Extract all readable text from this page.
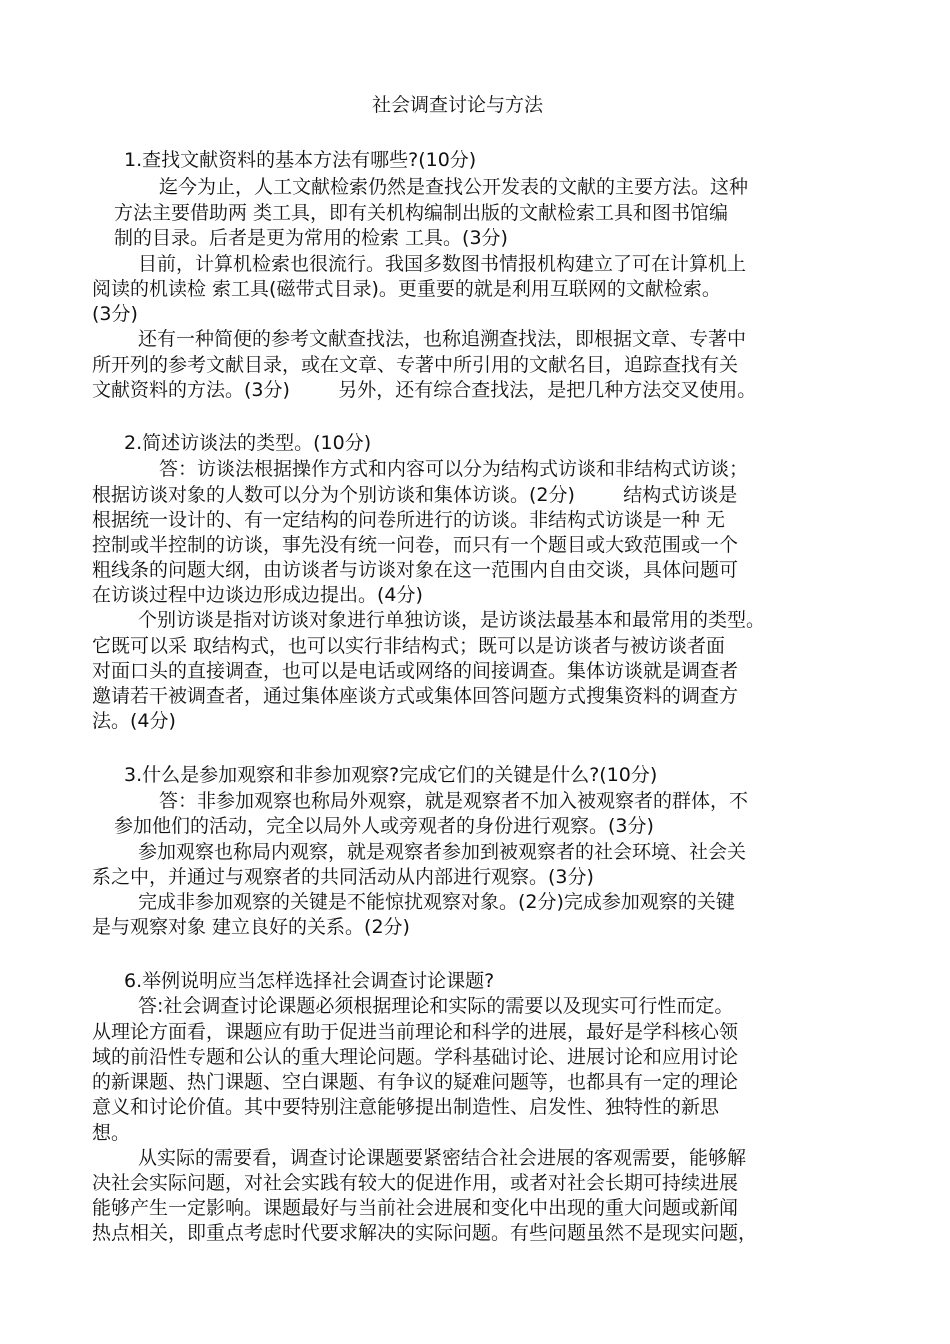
社会调查讨论与方法
1.查找文献资料的基本方法有哪些?(10分)
迄今为止，人工文献检索仍然是查找公开发表的文献的主要方法。这种
方法主要借助两 类工具，即有关机构编制出版的文献检索工具和图书馆编
制的目录。后者是更为常用的检索 工具。(3分)
目前，计算机检索也很流行。我国多数图书情报机构建立了可在计算机上
阅读的机读检 索工具(磁带式目录)。更重要的就是利用互联网的文献检索。
(3分)
还有一种简便的参考文献查找法，也称追溯查找法，即根据文章、专著中
所开列的参考文献目录，或在文章、专著中所引用的文献名目，追踪查找有关
文献资料的方法。(3分)        另外，还有综合查找法，是把几种方法交叉使用。
2.简述访谈法的类型。(10分)
答：访谈法根据操作方式和内容可以分为结构式访谈和非结构式访谈；
根据访谈对象的人数可以分为个别访谈和集体访谈。(2分)        结构式访谈是
根据统一设计的、有一定结构的问卷所进行的访谈。非结构式访谈是一种 无
控制或半控制的访谈，事先没有统一问卷，而只有一个题目或大致范围或一个
粗线条的问题大纲，由访谈者与访谈对象在这一范围内自由交谈，具体问题可
在访谈过程中边谈边形成边提出。(4分)
个别访谈是指对访谈对象进行单独访谈，是访谈法最基本和最常用的类型。
它既可以采 取结构式，也可以实行非结构式；既可以是访谈者与被访谈者面
对面口头的直接调查，也可以是电话或网络的间接调查。集体访谈就是调查者
邀请若干被调查者，通过集体座谈方式或集体回答问题方式搜集资料的调查方
法。(4分)
3.什么是参加观察和非参加观察?完成它们的关键是什么?(10分)
答：非参加观察也称局外观察，就是观察者不加入被观察者的群体，不
参加他们的活动，完全以局外人或旁观者的身份进行观察。(3分)
参加观察也称局内观察，就是观察者参加到被观察者的社会环境、社会关
系之中，并通过与观察者的共同活动从内部进行观察。(3分)
完成非参加观察的关键是不能惊扰观察对象。(2分)完成参加观察的关键
是与观察对象 建立良好的关系。(2分)
6.举例说明应当怎样选择社会调查讨论课题?
答:社会调查讨论课题必须根据理论和实际的需要以及现实可行性而定。
从理论方面看，课题应有助于促进当前理论和科学的进展，最好是学科核心领
域的前沿性专题和公认的重大理论问题。学科基础讨论、进展讨论和应用讨论
的新课题、热门课题、空白课题、有争议的疑难问题等，也都具有一定的理论
意义和讨论价值。其中要特别注意能够提出制造性、启发性、独特性的新思
想。
从实际的需要看，调查讨论课题要紧密结合社会进展的客观需要，能够解
决社会实际问题，对社会实践有较大的促进作用，或者对社会长期可持续进展
能够产生一定影响。课题最好与当前社会进展和变化中出现的重大问题或新闻
热点相关，即重点考虑时代要求解决的实际问题。有些问题虽然不是现实问题，
